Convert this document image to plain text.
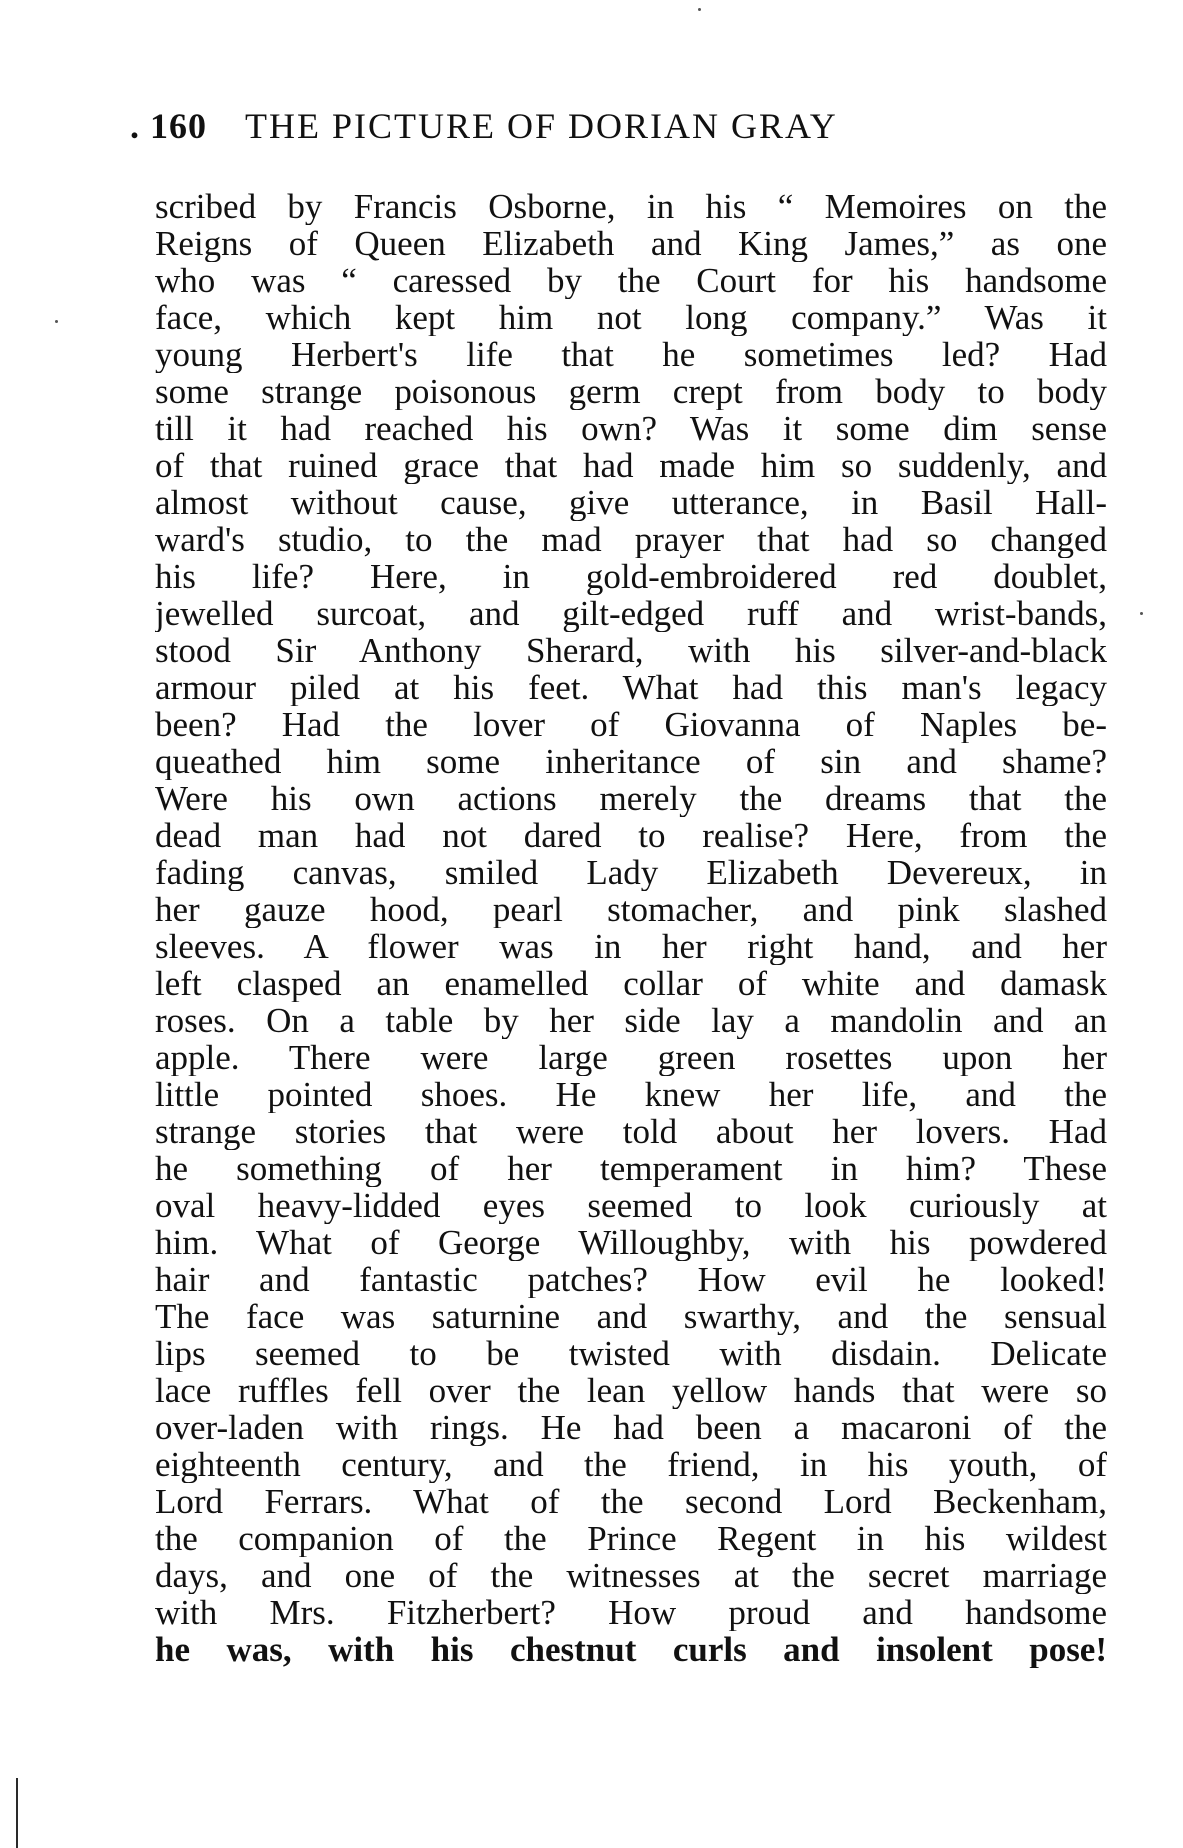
. 160 THE PICTURE OF DORIAN GRAY
scribed by Francis Osborne, in his “ Memoires on the
Reigns of Queen Elizabeth and King James,” as one
who was “ caressed by the Court for his handsome
face, which kept him not long company.” Was it
young Herbert's life that he sometimes led? Had
some strange poisonous germ crept from body to body
till it had reached his own? Was it some dim sense
of that ruined grace that had made him so suddenly, and
almost without cause, give utterance, in Basil Hall-
ward's studio, to the mad prayer that had so changed
his life? Here, in gold-embroidered red doublet,
jewelled surcoat, and gilt-edged ruff and wrist-bands,
stood Sir Anthony Sherard, with his silver-and-black
armour piled at his feet. What had this man's legacy
been? Had the lover of Giovanna of Naples be-
queathed him some inheritance of sin and shame?
Were his own actions merely the dreams that the
dead man had not dared to realise? Here, from the
fading canvas, smiled Lady Elizabeth Devereux, in
her gauze hood, pearl stomacher, and pink slashed
sleeves. A flower was in her right hand, and her
left clasped an enamelled collar of white and damask
roses. On a table by her side lay a mandolin and an
apple. There were large green rosettes upon her
little pointed shoes. He knew her life, and the
strange stories that were told about her lovers. Had
he something of her temperament in him? These
oval heavy-lidded eyes seemed to look curiously at
him. What of George Willoughby, with his powdered
hair and fantastic patches? How evil he looked!
The face was saturnine and swarthy, and the sensual
lips seemed to be twisted with disdain. Delicate
lace ruffles fell over the lean yellow hands that were so
over-laden with rings. He had been a macaroni of the
eighteenth century, and the friend, in his youth, of
Lord Ferrars. What of the second Lord Beckenham,
the companion of the Prince Regent in his wildest
days, and one of the witnesses at the secret marriage
with Mrs. Fitzherbert? How proud and handsome
he was, with his chestnut curls and insolent pose!
